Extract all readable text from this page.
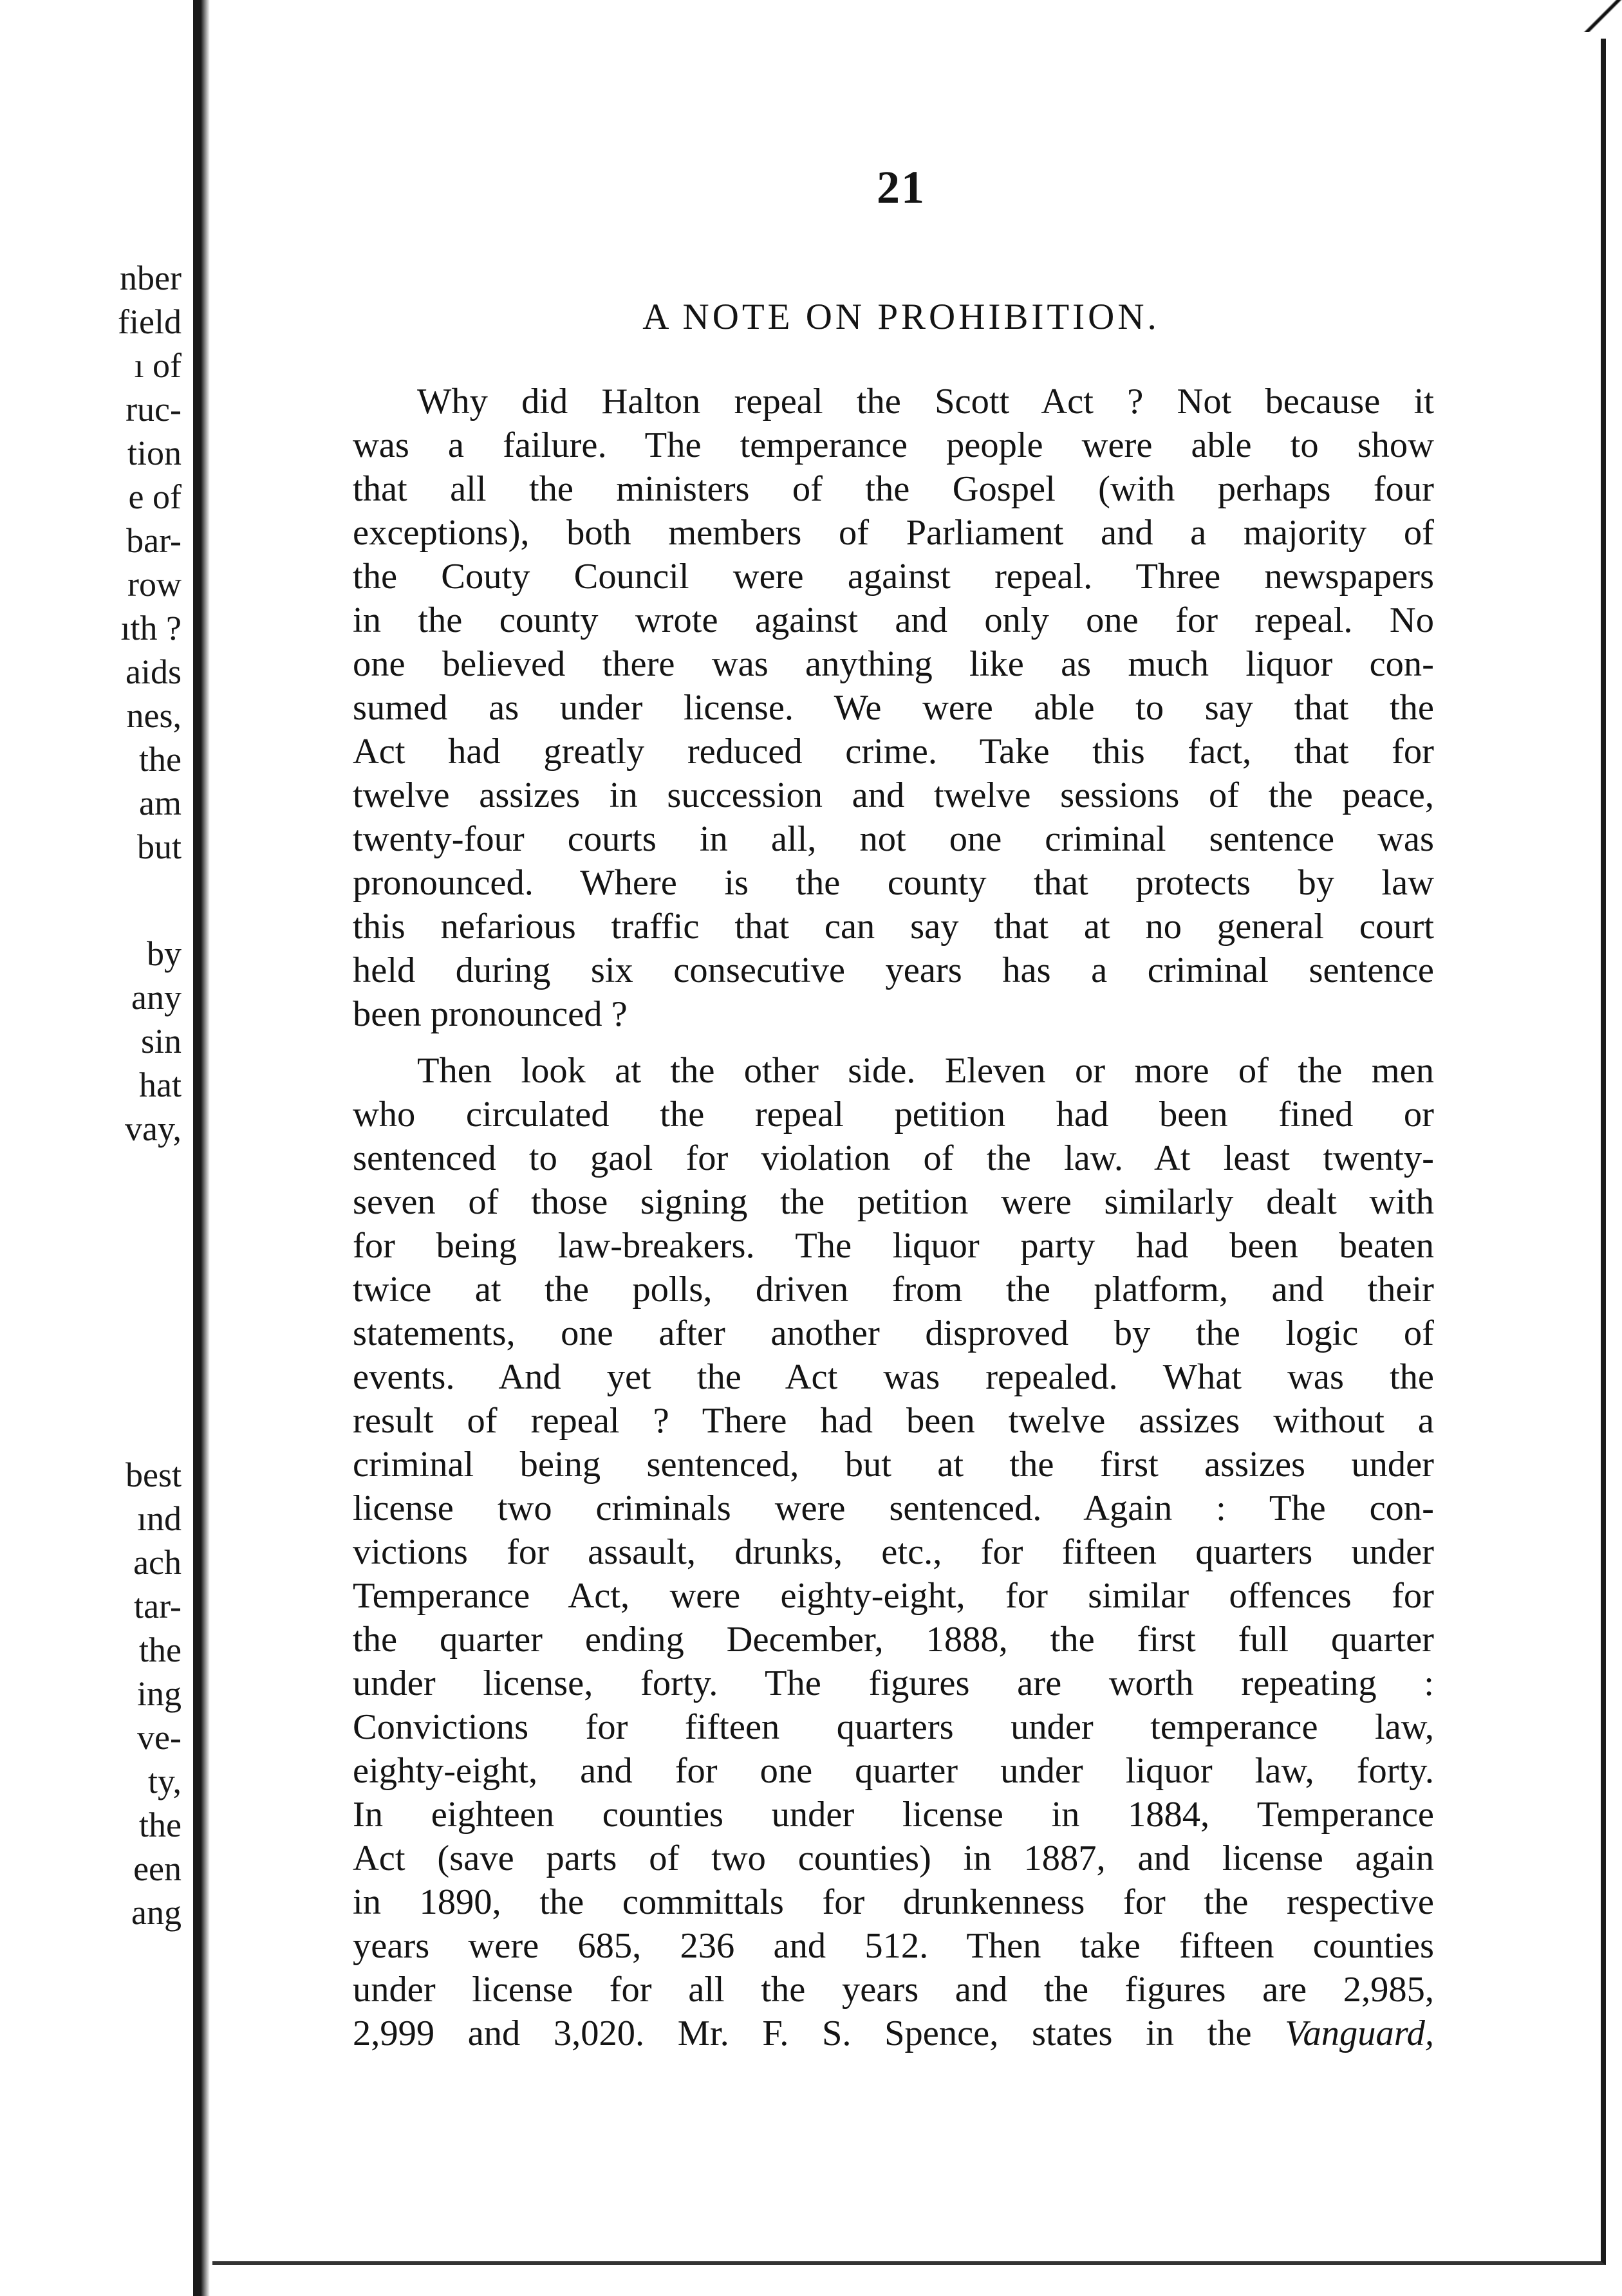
nber
field
ı of
ruc-
tion
e of
bar-
row
ıth ?
aids
nes,
the
am
but
by
any
sin
hat
vay,
best
ınd
ach
tar-
the
ing
ve-
ty,
the
een
ang
21
A NOTE ON PROHIBITION.
Why did Halton repeal the Scott Act ? Not because it
was a failure. The temperance people were able to show
that all the ministers of the Gospel (with perhaps four
exceptions), both members of Parliament and a majority of
the Couty Council were against repeal. Three newspapers
in the county wrote against and only one for repeal. No
one believed there was anything like as much liquor con-
sumed as under license. We were able to say that the
Act had greatly reduced crime. Take this fact, that for
twelve assizes in succession and twelve sessions of the peace,
twenty-four courts in all, not one criminal sentence was
pronounced. Where is the county that protects by law
this nefarious traffic that can say that at no general court
held during six consecutive years has a criminal sentence
been pronounced ?
Then look at the other side. Eleven or more of the men
who circulated the repeal petition had been fined or
sentenced to gaol for violation of the law. At least twenty-
seven of those signing the petition were similarly dealt with
for being law-breakers. The liquor party had been beaten
twice at the polls, driven from the platform, and their
statements, one after another disproved by the logic of
events. And yet the Act was repealed. What was the
result of repeal ? There had been twelve assizes without a
criminal being sentenced, but at the first assizes under
license two criminals were sentenced. Again : The con-
victions for assault, drunks, etc., for fifteen quarters under
Temperance Act, were eighty-eight, for similar offences for
the quarter ending December, 1888, the first full quarter
under license, forty. The figures are worth repeating :
Convictions for fifteen quarters under temperance law,
eighty-eight, and for one quarter under liquor law, forty.
In eighteen counties under license in 1884, Temperance
Act (save parts of two counties) in 1887, and license again
in 1890, the committals for drunkenness for the respective
years were 685, 236 and 512. Then take fifteen counties
under license for all the years and the figures are 2,985,
2,999 and 3,020. Mr. F. S. Spence, states in the Vanguard,
